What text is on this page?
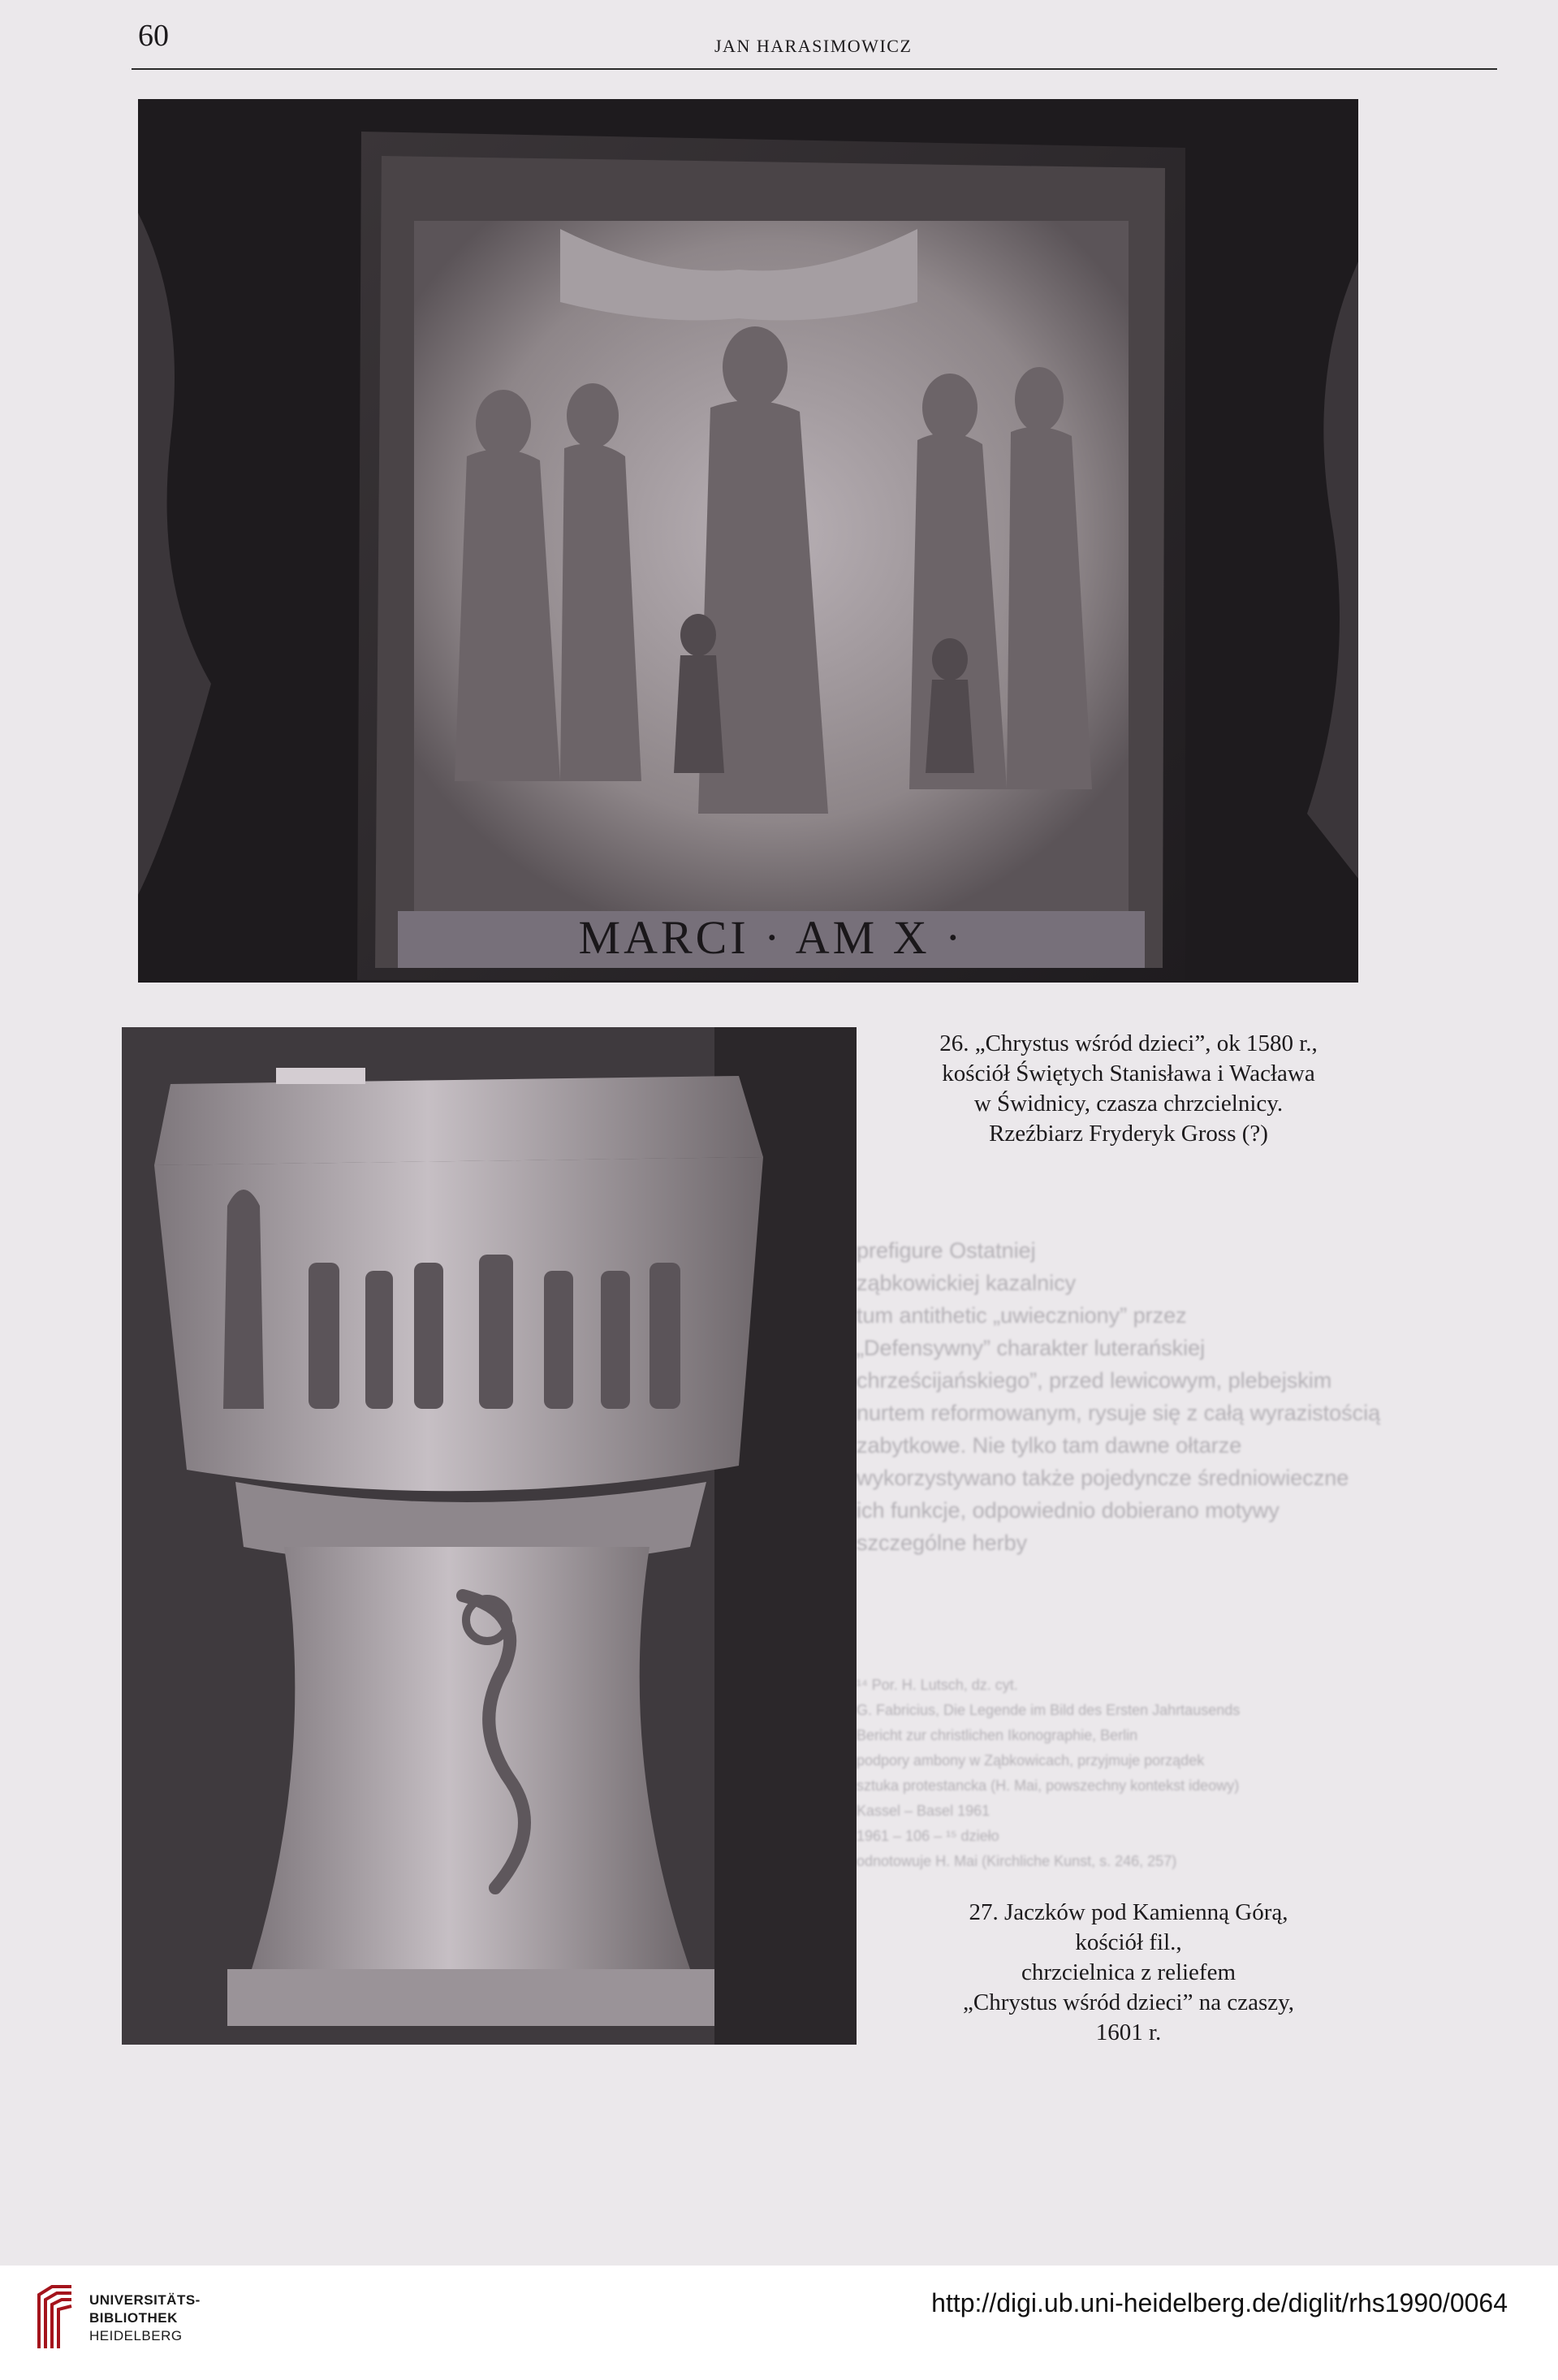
60	JAN HARASIMOWICZ
MARCI · AM X ·
26. „Chrystus wśród dzieci”, ok 1580 r.,
kościół Świętych Stanisława i Wacława
w Świdnicy, czasza chrzcielnicy.
Rzeźbiarz Fryderyk Gross (?)
prefigure Ostatniej
ząbkowickiej kazalnicy
tum antithetic „uwieczniony” przez
„Defensywny” charakter luterańskiej
chrześcijańskiego”, przed lewicowym, plebejskim
nurtem reformowanym, rysuje się z całą wyrazistością
zabytkowe. Nie tylko tam dawne ołtarze
wykorzystywano także pojedyncze średniowieczne
ich funkcje, odpowiednio dobierano motywy
szczególne herby
¹⁴ Por. H. Lutsch, dz. cyt.
G. Fabricius, Die Legende im Bild des Ersten Jahrtausends
Bericht zur christlichen Ikonographie, Berlin
podpory ambony w Ząbkowicach, przyjmuje porządek
sztuka protestancka (H. Mai, powszechny kontekst ideowy)
Kassel – Basel 1961
1961 – 106 – ¹⁵ dzieło
odnotowuje H. Mai (Kirchliche Kunst, s. 246, 257)
27. Jaczków pod Kamienną Górą,
kościół fil.,
chrzcielnica z reliefem
„Chrystus wśród dzieci” na czaszy,
1601 r.
UNIVERSITÄTS-
BIBLIOTHEK
HEIDELBERG
http://digi.ub.uni-heidelberg.de/diglit/rhs1990/0064
